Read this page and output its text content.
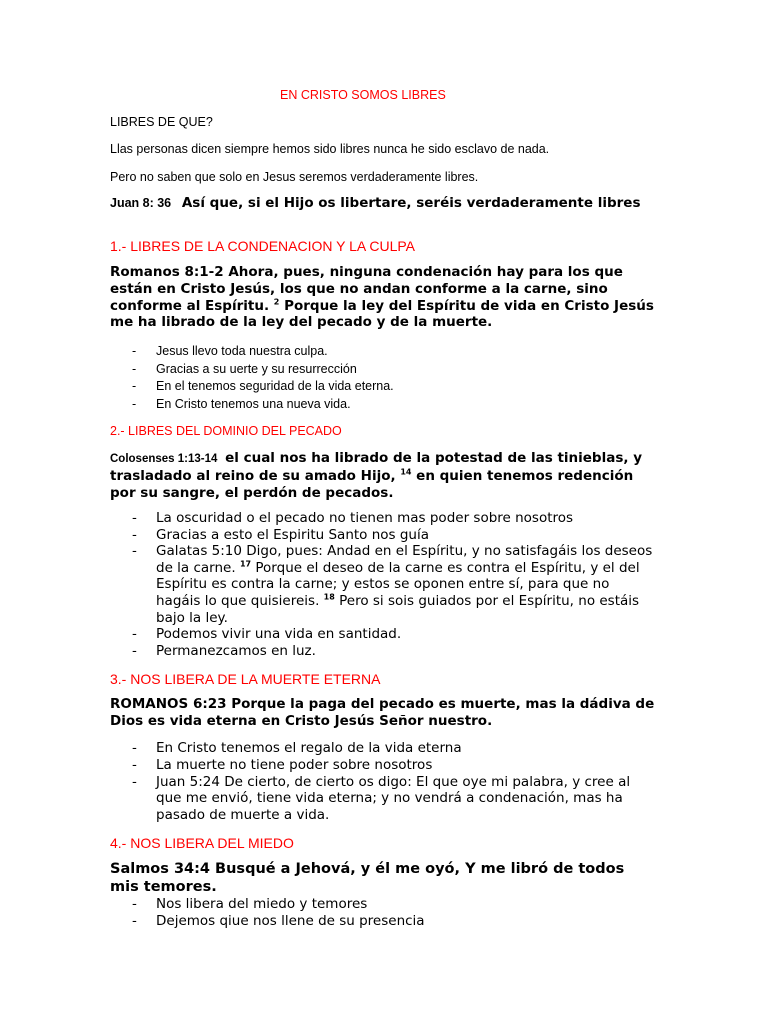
EN CRISTO SOMOS LIBRES
LIBRES DE QUE?
Llas personas dicen siempre hemos sido libres nunca he sido esclavo de nada.
Pero no saben que solo en Jesus seremos verdaderamente libres.
Juan 8: 36 Así que, si el Hijo os libertare, seréis verdaderamente libres
1.- LIBRES DE LA CONDENACION Y LA CULPA
Romanos 8:1-2 Ahora, pues, ninguna condenación hay para los que están en Cristo Jesús, los que no andan conforme a la carne, sino conforme al Espíritu. $^2$ Porque la ley del Espíritu de vida en Cristo Jesús me ha librado de la ley del pecado y de la muerte.
- Jesus llevo toda nuestra culpa.
- Gracias a su uerte y su resurrección
- En el tenemos seguridad de la vida eterna.
- En Cristo tenemos una nueva vida.
2.- LIBRES DEL DOMINIO DEL PECADO
Colosenses 1:13-14 el cual nos ha librado de la potestad de las tinieblas, y trasladado al reino de su amado Hijo, $^{14}$ en quien tenemos redención por su sangre, el perdón de pecados.
- La oscuridad o el pecado no tienen mas poder sobre nosotros
- Gracias a esto el Espiritu Santo nos guía
- Galatas 5:10 Digo, pues: Andad en el Espíritu, y no satisfagáis los deseos de la carne. $^{17}$ Porque el deseo de la carne es contra el Espíritu, y el del Espíritu es contra la carne; y estos se oponen entre sí, para que no hagáis lo que quisiereis. $^{18}$ Pero si sois guiados por el Espíritu, no estáis bajo la ley.
- Podemos vivir una vida en santidad.
- Permanezcamos en luz.
3.- NOS LIBERA DE LA MUERTE ETERNA
ROMANOS 6:23 Porque la paga del pecado es muerte, mas la dádiva de Dios es vida eterna en Cristo Jesús Señor nuestro.
- En Cristo tenemos el regalo de la vida eterna
- La muerte no tiene poder sobre nosotros
- Juan 5:24 De cierto, de cierto os digo: El que oye mi palabra, y cree al que me envió, tiene vida eterna; y no vendrá a condenación, mas ha pasado de muerte a vida.
4.- NOS LIBERA DEL MIEDO
Salmos 34:4 Busqué a Jehová, y él me oyó, Y me libró de todos mis temores.
- Nos libera del miedo y temores
- Dejemos qiue nos llene de su presencia
